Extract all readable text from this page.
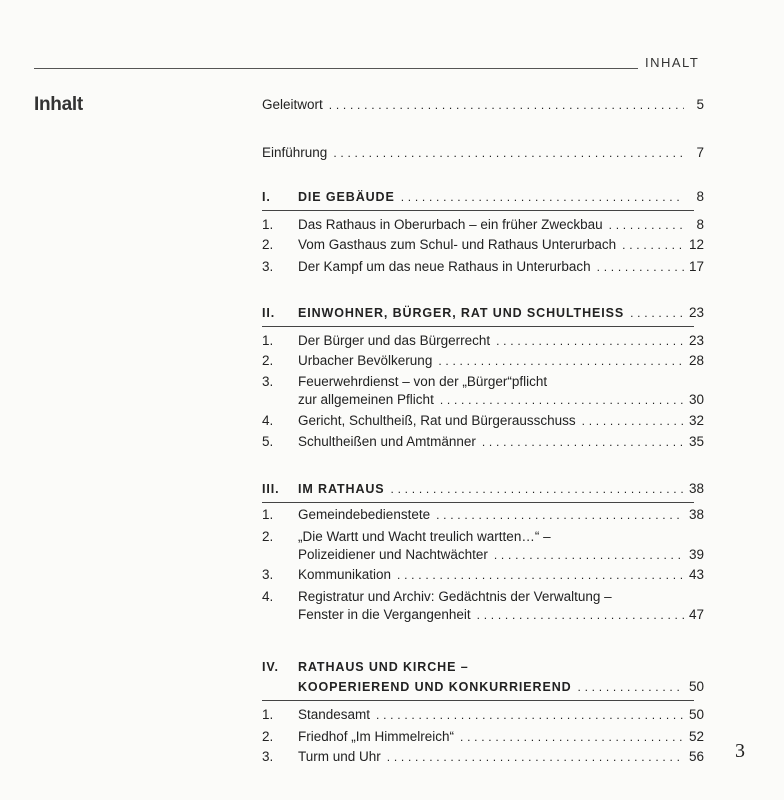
INHALT
Inhalt	Geleitwort . . .	5
Einführung . . .	7
I.	DIE GEBÄUDE . . .	8
1.	Das Rathaus in Oberurbach – ein früher Zweckbau . . .	8
2.	Vom Gasthaus zum Schul- und Rathaus Unterurbach . . .	12
3.	Der Kampf um das neue Rathaus in Unterurbach . . .	17
II.	EINWOHNER, BÜRGER, RAT UND SCHULTHEISS . . .	23
1.	Der Bürger und das Bürgerrecht . . .	23
2.	Urbacher Bevölkerung . . .	28
3.	Feuerwehrdienst – von der „Bürger“pflicht
zur allgemeinen Pflicht . . .	30
4.	Gericht, Schultheiß, Rat und Bürgerausschuss . . .	32
5.	Schultheißen und Amtmänner . . .	35
III.	IM RATHAUS . . .	38
1.	Gemeindebedienstete . . .	38
2.	„Die Wartt und Wacht treulich wartten…“ –
Polizeidiener und Nachtwächter . . .	39
3.	Kommunikation . . .	43
4.	Registratur und Archiv: Gedächtnis der Verwaltung –
Fenster in die Vergangenheit . . .	47
IV.	RATHAUS UND KIRCHE –
KOOPERIEREND UND KONKURRIEREND . . .	50
1.	Standesamt . . .	50
2.	Friedhof „Im Himmelreich“ . . .	52
3.	Turm und Uhr . . .	56 3
